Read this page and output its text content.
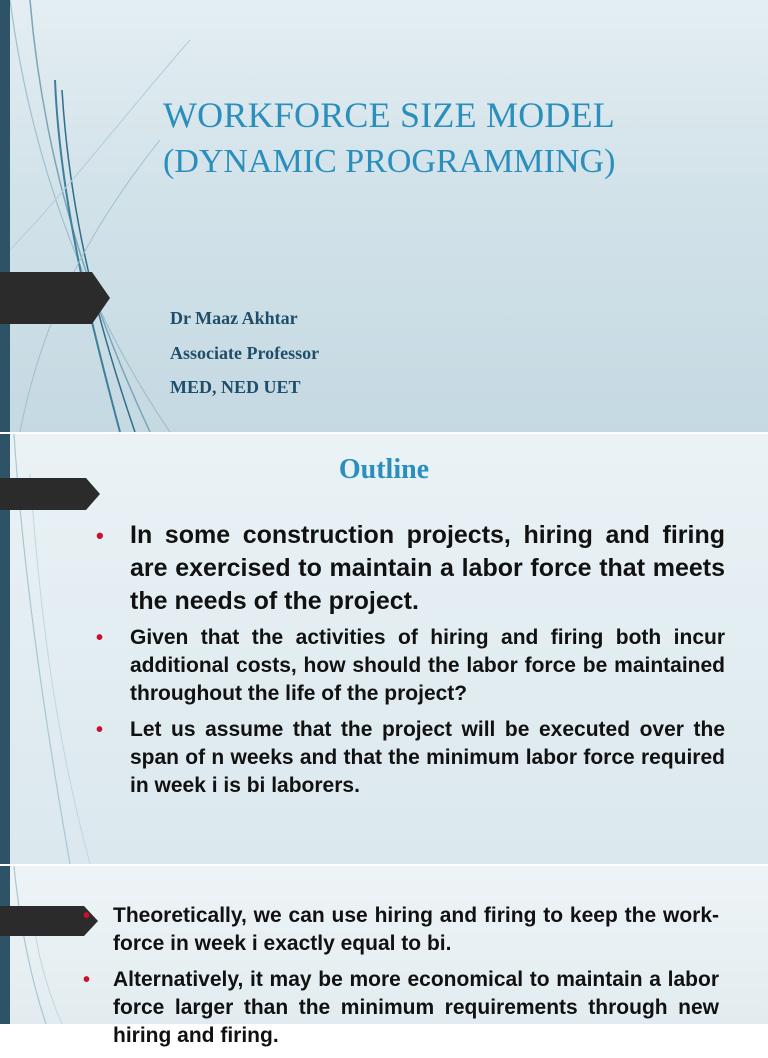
WORKFORCE SIZE MODEL
(DYNAMIC PROGRAMMING)
Dr Maaz Akhtar
Associate Professor
MED, NED UET
Outline
• In some construction projects, hiring and firing are exercised to maintain a labor force that meets the needs of the project.
• Given that the activities of hiring and firing both incur additional costs, how should the labor force be maintained throughout the life of the project?
• Let us assume that the project will be executed over the span of n weeks and that the minimum labor force required in week i is bi laborers.
• Theoretically, we can use hiring and firing to keep the work-force in week i exactly equal to bi.
• Alternatively, it may be more economical to maintain a labor force larger than the minimum requirements through new hiring and firing.
